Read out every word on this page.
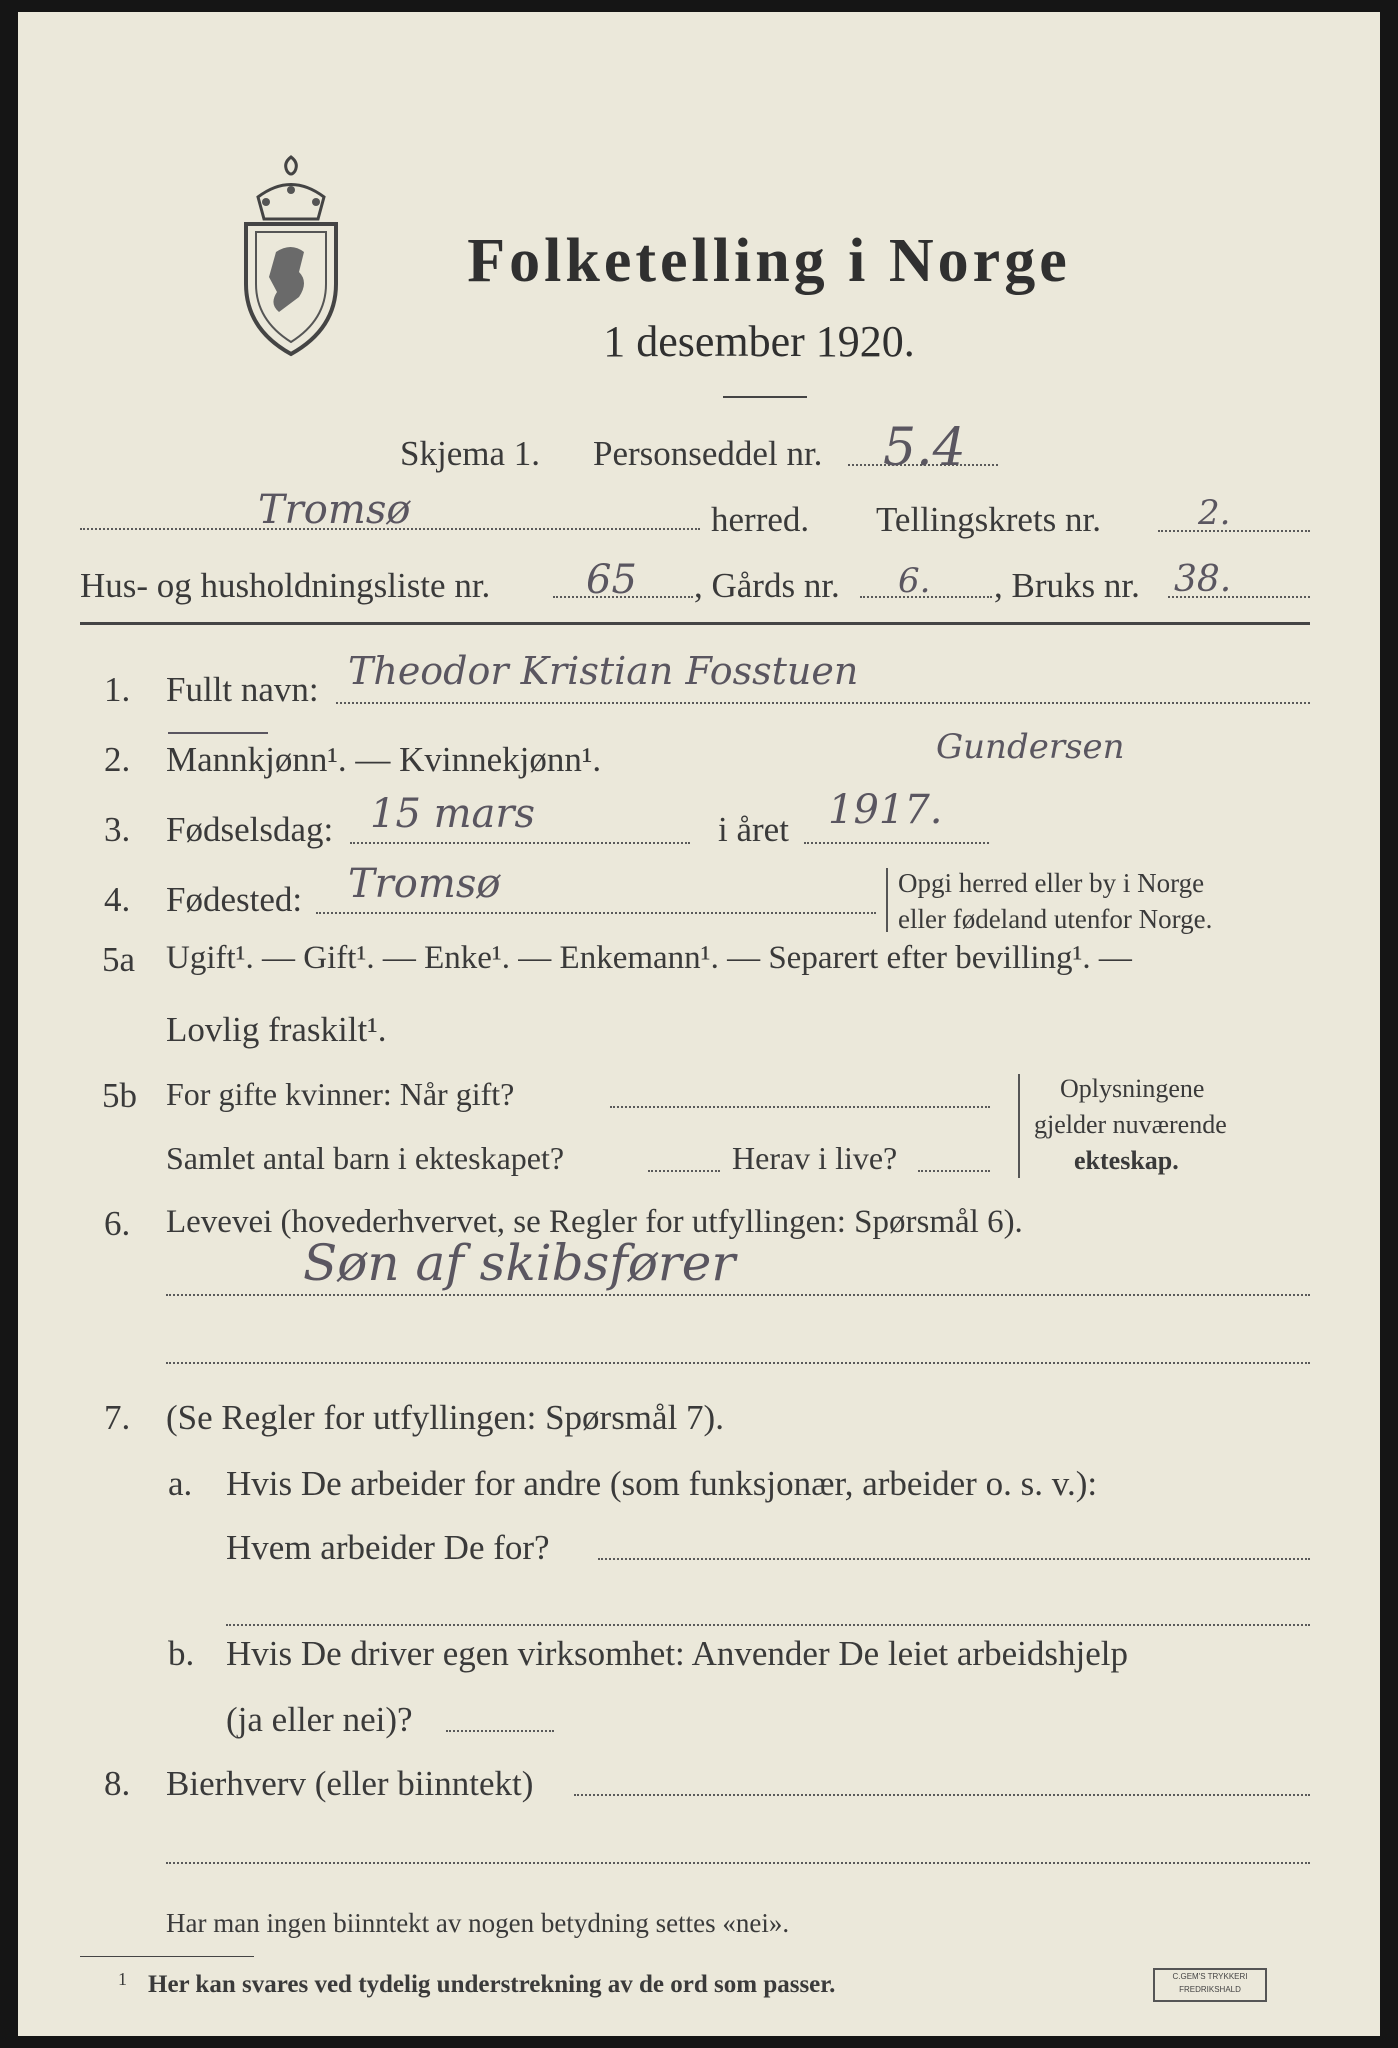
Folketelling i Norge
1 desember 1920.
Skjema 1. Personseddel nr. 5.4
Tromsø	herred. Tellingskrets nr.	2.
Hus- og husholdningsliste nr. 65 , Gårds nr. 6. , Bruks nr. 38.
1. Fullt navn: Theodor Kristian Fosstuen
Gundersen
2. Mannkjønn¹. — Kvinnekjønn¹.
3. Fødselsdag: 15 mars	i året 1917.
4. Fødested: Tromsø	Opgi herred eller by i Norge
eller fødeland utenfor Norge.
5a Ugift¹. — Gift¹. — Enke¹. — Enkemann¹. — Separert efter bevilling¹. —
Lovlig fraskilt¹.
5b For gifte kvinner: Når gift?
Samlet antal barn i ekteskapet?	Herav i live?
Oplysningene
gjelder nuværende
ekteskap.
6. Levevei (hovederhvervet, se Regler for utfyllingen: Spørsmål 6).
Søn af skibsfører
7. (Se Regler for utfyllingen: Spørsmål 7).
a. Hvis De arbeider for andre (som funksjonær, arbeider o. s. v.):
Hvem arbeider De for?
b. Hvis De driver egen virksomhet: Anvender De leiet arbeidshjelp
(ja eller nei)?
8. Bierhverv (eller biinntekt)
Har man ingen biinntekt av nogen betydning settes «nei».
1 Her kan svares ved tydelig understrekning av de ord som passer.	C.GEM'S TRYKKERI
FREDRIKSHALD
